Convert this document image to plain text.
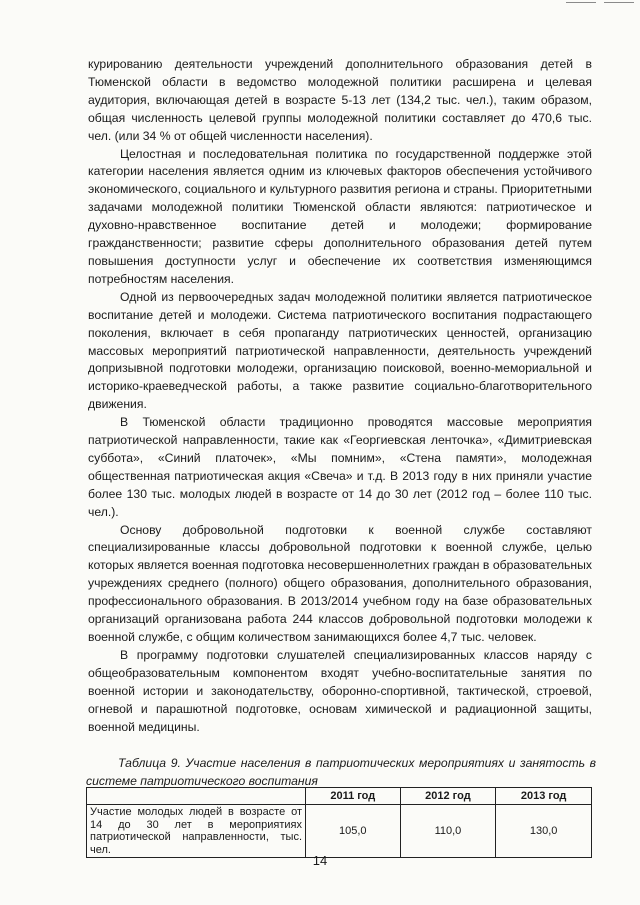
курированию деятельности учреждений дополнительного образования детей в Тюменской области в ведомство молодежной политики расширена и целевая аудитория, включающая детей в возрасте 5-13 лет (134,2 тыс. чел.), таким образом, общая численность целевой группы молодежной политики составляет до 470,6 тыс. чел. (или 34 % от общей численности населения).

Целостная и последовательная политика по государственной поддержке этой категории населения является одним из ключевых факторов обеспечения устойчивого экономического, социального и культурного развития региона и страны. Приоритетными задачами молодежной политики Тюменской области являются: патриотическое и духовно-нравственное воспитание детей и молодежи; формирование гражданственности; развитие сферы дополнительного образования детей путем повышения доступности услуг и обеспечение их соответствия изменяющимся потребностям населения.

Одной из первоочередных задач молодежной политики является патриотическое воспитание детей и молодежи. Система патриотического воспитания подрастающего поколения, включает в себя пропаганду патриотических ценностей, организацию массовых мероприятий патриотической направленности, деятельность учреждений допризывной подготовки молодежи, организацию поисковой, военно-мемориальной и историко-краеведческой работы, а также развитие социально-благотворительного движения.

В Тюменской области традиционно проводятся массовые мероприятия патриотической направленности, такие как «Георгиевская ленточка», «Димитриевская суббота», «Синий платочек», «Мы помним», «Стена памяти», молодежная общественная патриотическая акция «Свеча» и т.д. В 2013 году в них приняли участие более 130 тыс. молодых людей в возрасте от 14 до 30 лет (2012 год – более 110 тыс. чел.).

Основу добровольной подготовки к военной службе составляют специализированные классы добровольной подготовки к военной службе, целью которых является военная подготовка несовершеннолетних граждан в образовательных учреждениях среднего (полного) общего образования, дополнительного образования, профессионального образования. В 2013/2014 учебном году на базе образовательных организаций организована работа 244 классов добровольной подготовки молодежи к военной службе, с общим количеством занимающихся более 4,7 тыс. человек.

В программу подготовки слушателей специализированных классов наряду с общеобразовательным компонентом входят учебно-воспитательные занятия по военной истории и законодательству, оборонно-спортивной, тактической, строевой, огневой и парашютной подготовке, основам химической и радиационной защиты, военной медицины.

Таблица 9. Участие населения в патриотических мероприятиях и занятость в системе патриотического воспитания
	2011 год	2012 год	2013 год
Участие молодых людей в возрасте от 14 до 30 лет в мероприятиях патриотической направленности, тыс. чел.	105,0	110,0	130,0
14
